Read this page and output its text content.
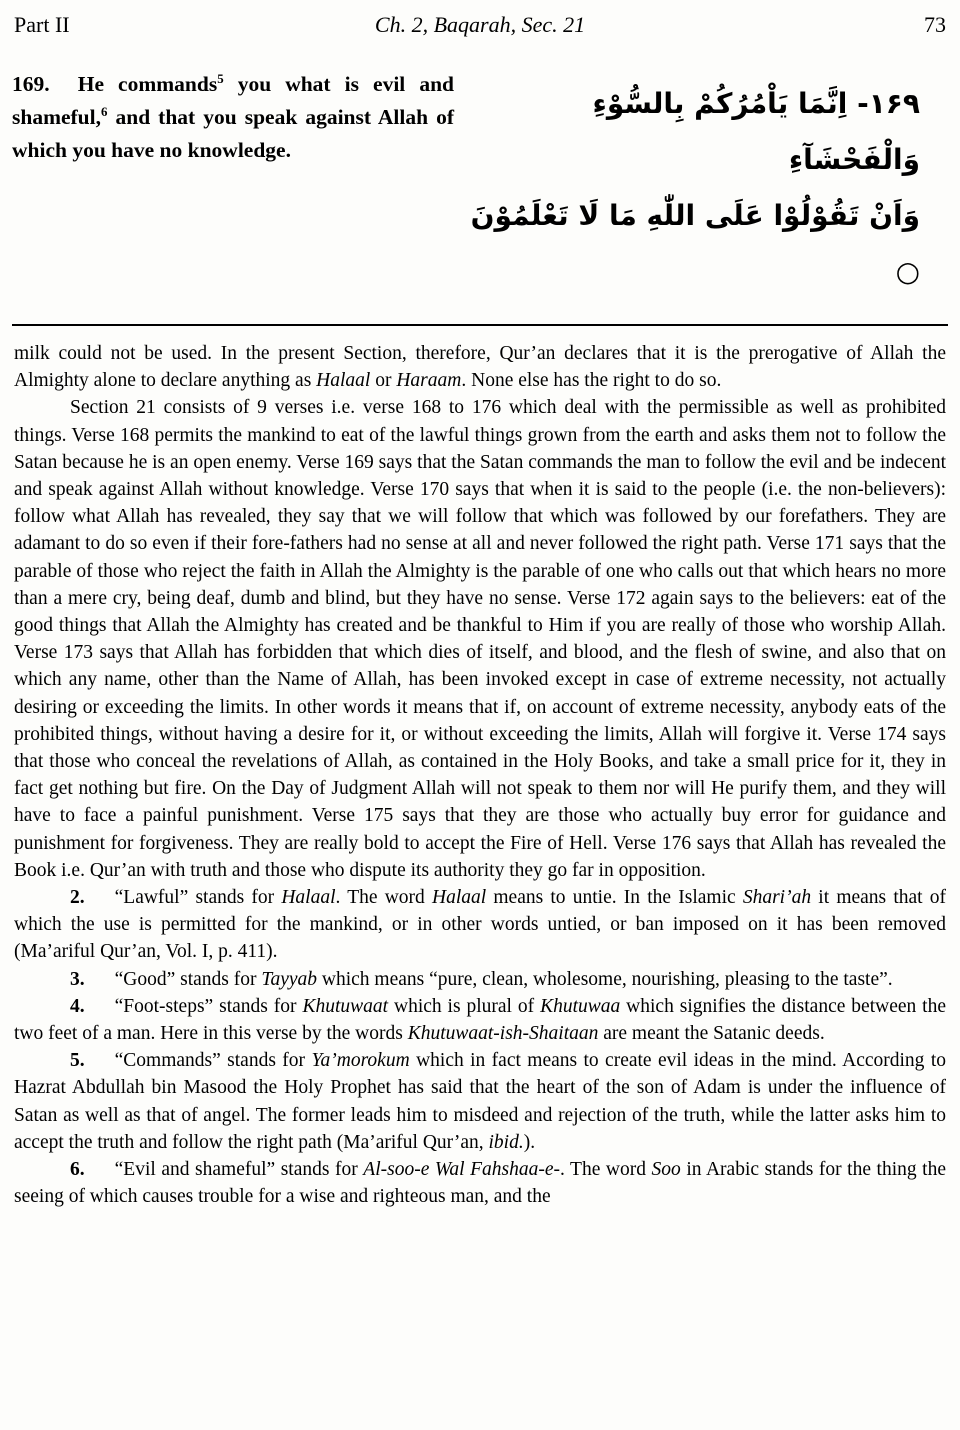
Part II	Ch. 2, Baqarah, Sec. 21	73
169.  He commands$^5$ you what is evil and shameful,$^6$ and that you speak against Allah of which you have no knowledge.
۱۶۹- اِنَّمَا يَاْمُرُكُمْ بِالسُّوْءِ وَالْفَحْشَآءِ
وَاَنْ تَقُوْلُوْا عَلَى اللّٰهِ مَا لَا تَعْلَمُوْنَ ○

milk could not be used. In the present Section, therefore, Qur’an declares that it is the prerogative of Allah the Almighty alone to declare anything as Halaal or Haraam. None else has the right to do so.

Section 21 consists of 9 verses i.e. verse 168 to 176 which deal with the permissible as well as prohibited things. Verse 168 permits the mankind to eat of the lawful things grown from the earth and asks them not to follow the Satan because he is an open enemy. Verse 169 says that the Satan commands the man to follow the evil and be indecent and speak against Allah without knowledge. Verse 170 says that when it is said to the people (i.e. the non-believers): follow what Allah has revealed, they say that we will follow that which was followed by our forefathers. They are adamant to do so even if their fore-fathers had no sense at all and never followed the right path. Verse 171 says that the parable of those who reject the faith in Allah the Almighty is the parable of one who calls out that which hears no more than a mere cry, being deaf, dumb and blind, but they have no sense. Verse 172 again says to the believers: eat of the good things that Allah the Almighty has created and be thankful to Him if you are really of those who worship Allah. Verse 173 says that Allah has forbidden that which dies of itself, and blood, and the flesh of swine, and also that on which any name, other than the Name of Allah, has been invoked except in case of extreme necessity, not actually desiring or exceeding the limits. In other words it means that if, on account of extreme necessity, anybody eats of the prohibited things, without having a desire for it, or without exceeding the limits, Allah will forgive it. Verse 174 says that those who conceal the revelations of Allah, as contained in the Holy Books, and take a small price for it, they in fact get nothing but fire. On the Day of Judgment Allah will not speak to them nor will He purify them, and they will have to face a painful punishment. Verse 175 says that they are those who actually buy error for guidance and punishment for forgiveness. They are really bold to accept the Fire of Hell. Verse 176 says that Allah has revealed the Book i.e. Qur’an with truth and those who dispute its authority they go far in opposition.

2. “Lawful” stands for Halaal. The word Halaal means to untie. In the Islamic Shari’ah it means that of which the use is permitted for the mankind, or in other words untied, or ban imposed on it has been removed (Ma’ariful Qur’an, Vol. I, p. 411).

3. “Good” stands for Tayyab which means “pure, clean, wholesome, nourishing, pleasing to the taste”.

4. “Foot-steps” stands for Khutuwaat which is plural of Khutuwaa which signifies the distance between the two feet of a man. Here in this verse by the words Khutuwaat-ish-Shaitaan are meant the Satanic deeds.

5. “Commands” stands for Ya’morokum which in fact means to create evil ideas in the mind. According to Hazrat Abdullah bin Masood the Holy Prophet has said that the heart of the son of Adam is under the influence of Satan as well as that of angel. The former leads him to misdeed and rejection of the truth, while the latter asks him to accept the truth and follow the right path (Ma’ariful Qur’an, ibid.).

6. “Evil and shameful” stands for Al-soo-e Wal Fahshaa-e-. The word Soo in Arabic stands for the thing the seeing of which causes trouble for a wise and righteous man, and the
